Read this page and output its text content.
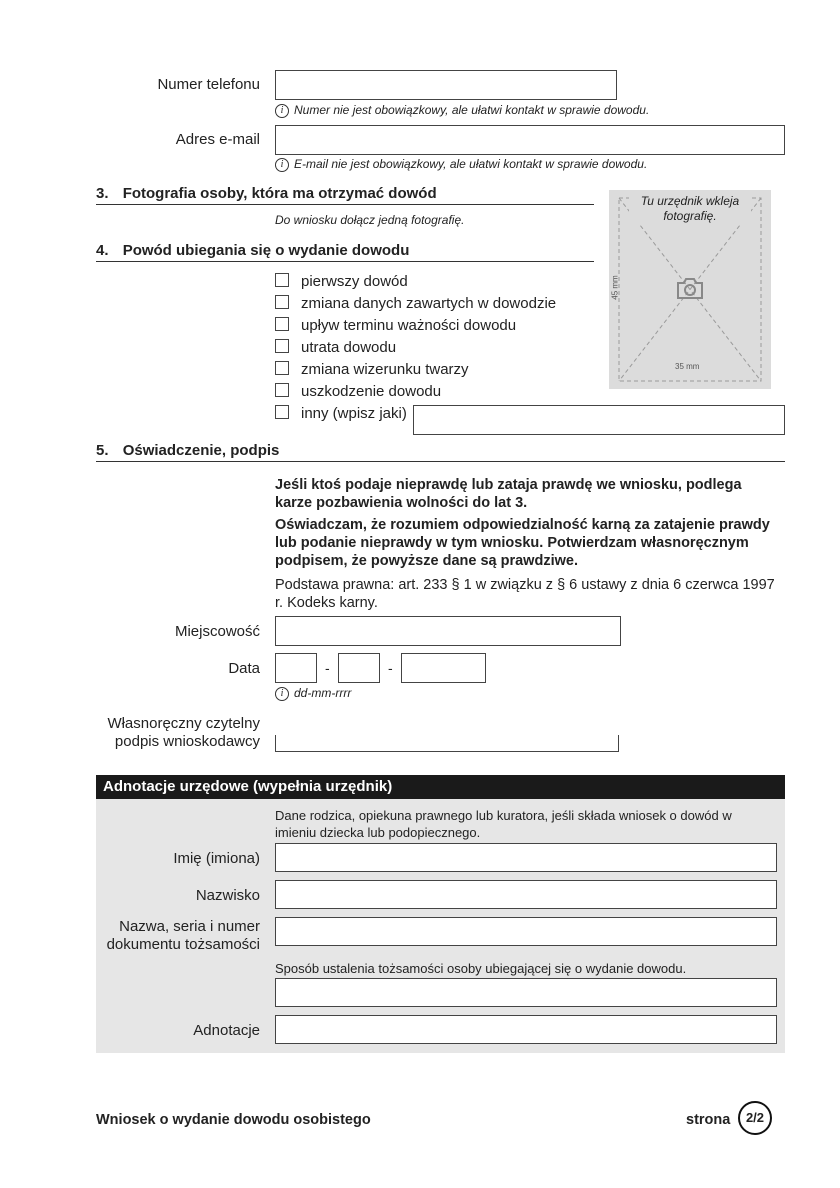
Numer telefonu
i Numer nie jest obowiązkowy, ale ułatwi kontakt w sprawie dowodu.
Adres e-mail
i E-mail nie jest obowiązkowy, ale ułatwi kontakt w sprawie dowodu.
3. Fotografia osoby, która ma otrzymać dowód
Do wniosku dołącz jedną fotografię.
Tu urzędnik wkleja fotografię.
45 mm
35 mm
4. Powód ubiegania się o wydanie dowodu
pierwszy dowód
zmiana danych zawartych w dowodzie
upływ terminu ważności dowodu
utrata dowodu
zmiana wizerunku twarzy
uszkodzenie dowodu
inny (wpisz jaki)
5. Oświadczenie, podpis
Jeśli ktoś podaje nieprawdę lub zataja prawdę we wniosku, podlega karze pozbawienia wolności do lat 3.
Oświadczam, że rozumiem odpowiedzialność karną za zatajenie prawdy lub podanie nieprawdy w tym wniosku. Potwierdzam własnoręcznym podpisem, że powyższe dane są prawdziwe.
Podstawa prawna: art. 233 § 1 w związku z § 6 ustawy z dnia 6 czerwca 1997 r. Kodeks karny.
Miejscowość
Data	-	-
i dd-mm-rrrr
Własnoręczny czytelny
podpis wnioskodawcy
Adnotacje urzędowe (wypełnia urzędnik)
Dane rodzica, opiekuna prawnego lub kuratora, jeśli składa wniosek o dowód w imieniu dziecka lub podopiecznego.
Imię (imiona)
Nazwisko
Nazwa, seria i numer
dokumentu tożsamości
Sposób ustalenia tożsamości osoby ubiegającej się o wydanie dowodu.
Adnotacje
Wniosek o wydanie dowodu osobistego	strona	2/2
